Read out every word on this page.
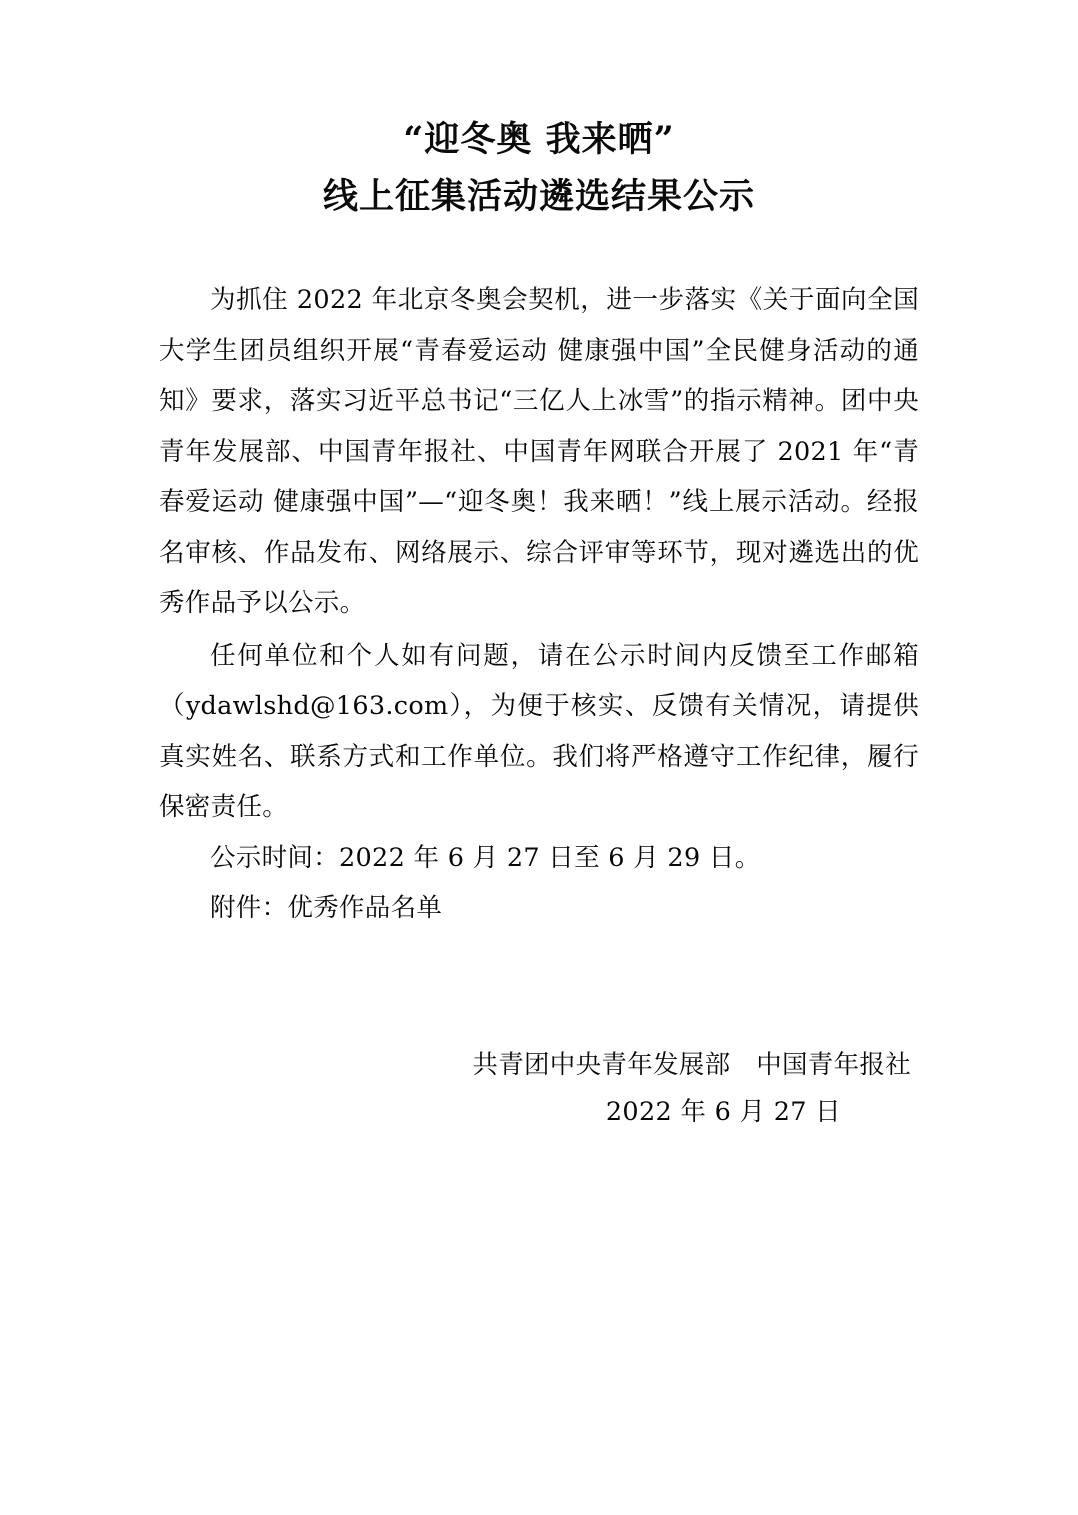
“迎冬奥 我来晒”
线上征集活动遴选结果公示

为抓住 2022 年北京冬奥会契机，进一步落实《关于面向全国大学生团员组织开展“青春爱运动 健康强中国”全民健身活动的通知》要求，落实习近平总书记“三亿人上冰雪”的指示精神。团中央青年发展部、中国青年报社、中国青年网联合开展了 2021 年“青春爱运动 健康强中国”—“迎冬奥！我来晒！”线上展示活动。经报名审核、作品发布、网络展示、综合评审等环节，现对遴选出的优秀作品予以公示。

任何单位和个人如有问题，请在公示时间内反馈至工作邮箱（ydawlshd@163.com），为便于核实、反馈有关情况，请提供真实姓名、联系方式和工作单位。我们将严格遵守工作纪律，履行保密责任。

公示时间：2022 年 6 月 27 日至 6 月 29 日。

附件：优秀作品名单

共青团中央青年发展部　中国青年报社
2022 年 6 月 27 日
